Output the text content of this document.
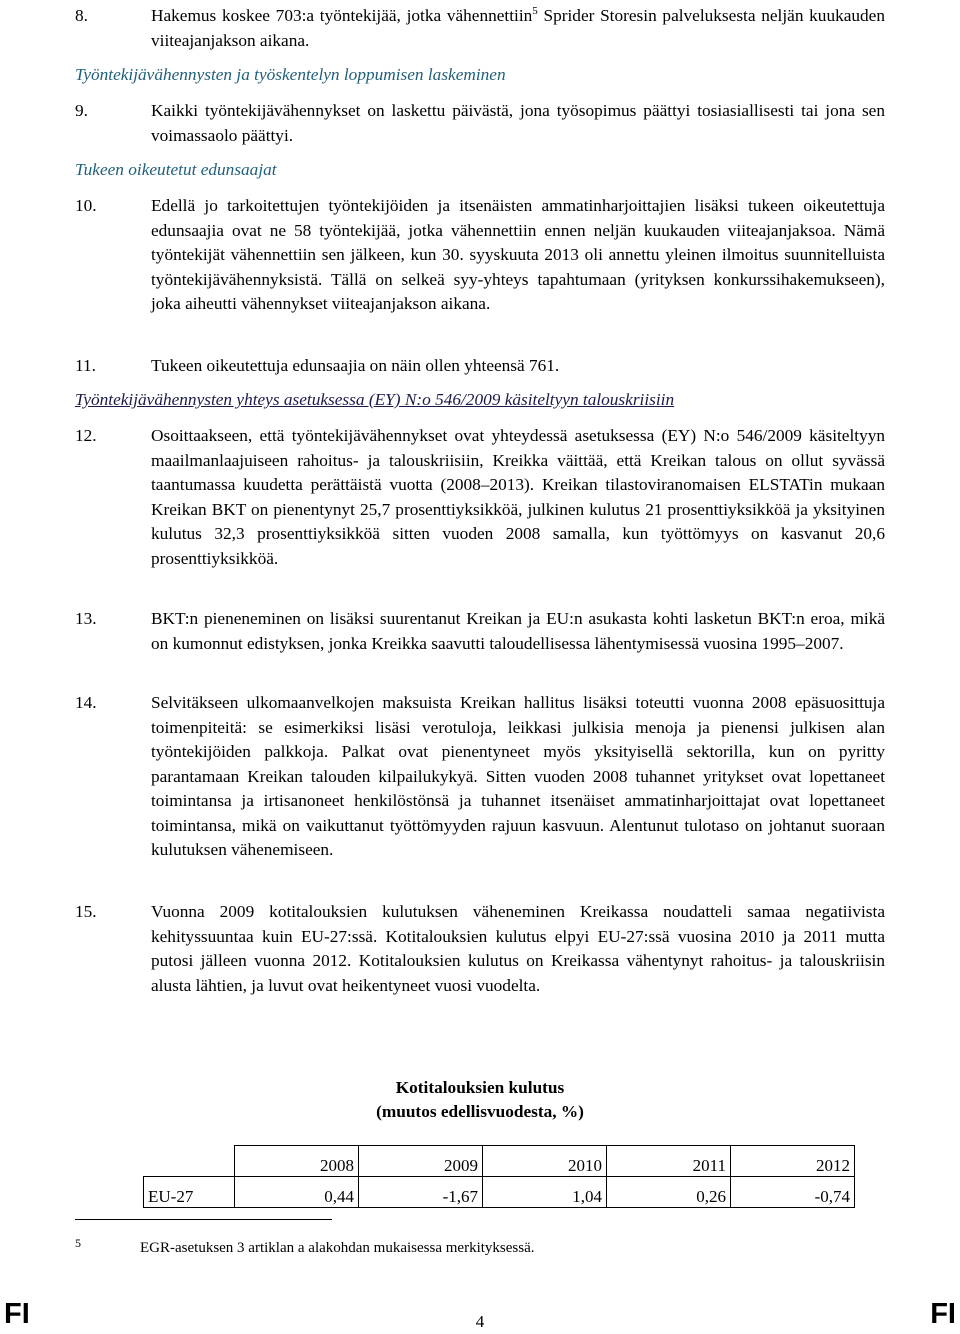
8.	Hakemus koskee 703:a työntekijää, jotka vähennettiin$^5$ Sprider Storesin palveluksesta neljän kuukauden viiteajanjakson aikana.
Työntekijävähennysten ja työskentelyn loppumisen laskeminen
9.	Kaikki työntekijävähennykset on laskettu päivästä, jona työsopimus päättyi tosiasiallisesti tai jona sen voimassaolo päättyi.
Tukeen oikeutetut edunsaajat
10.	Edellä jo tarkoitettujen työntekijöiden ja itsenäisten ammatinharjoittajien lisäksi tukeen oikeutettuja edunsaajia ovat ne 58 työntekijää, jotka vähennettiin ennen neljän kuukauden viiteajanjaksoa. Nämä työntekijät vähennettiin sen jälkeen, kun 30. syyskuuta 2013 oli annettu yleinen ilmoitus suunnitelluista työntekijävähennyksistä. Tällä on selkeä syy-yhteys tapahtumaan (yrityksen konkurssihakemukseen), joka aiheutti vähennykset viiteajanjakson aikana.
11.	Tukeen oikeutettuja edunsaajia on näin ollen yhteensä 761.
Työntekijävähennysten yhteys asetuksessa (EY) N:o 546/2009 käsiteltyyn talouskriisiin
12.	Osoittaakseen, että työntekijävähennykset ovat yhteydessä asetuksessa (EY) N:o 546/2009 käsiteltyyn maailmanlaajuiseen rahoitus- ja talouskriisiin, Kreikka väittää, että Kreikan talous on ollut syvässä taantumassa kuudetta perättäistä vuotta (2008–2013). Kreikan tilastoviranomaisen ELSTATin mukaan Kreikan BKT on pienentynyt 25,7 prosenttiyksikköä, julkinen kulutus 21 prosenttiyksikköä ja yksityinen kulutus 32,3 prosenttiyksikköä sitten vuoden 2008 samalla, kun työttömyys on kasvanut 20,6 prosenttiyksikköä.
13.	BKT:n pieneneminen on lisäksi suurentanut Kreikan ja EU:n asukasta kohti lasketun BKT:n eroa, mikä on kumonnut edistyksen, jonka Kreikka saavutti taloudellisessa lähentymisessä vuosina 1995–2007.
14.	Selvitäkseen ulkomaanvelkojen maksuista Kreikan hallitus lisäksi toteutti vuonna 2008 epäsuosittuja toimenpiteitä: se esimerkiksi lisäsi verotuloja, leikkasi julkisia menoja ja pienensi julkisen alan työntekijöiden palkkoja. Palkat ovat pienentyneet myös yksityisellä sektorilla, kun on pyritty parantamaan Kreikan talouden kilpailukykyä. Sitten vuoden 2008 tuhannet yritykset ovat lopettaneet toimintansa ja irtisanoneet henkilöstönsä ja tuhannet itsenäiset ammatinharjoittajat ovat lopettaneet toimintansa, mikä on vaikuttanut työttömyyden rajuun kasvuun. Alentunut tulotaso on johtanut suoraan kulutuksen vähenemiseen.
15.	Vuonna 2009 kotitalouksien kulutuksen väheneminen Kreikassa noudatteli samaa negatiivista kehityssuuntaa kuin EU-27:ssä. Kotitalouksien kulutus elpyi EU-27:ssä vuosina 2010 ja 2011 mutta putosi jälleen vuonna 2012. Kotitalouksien kulutus on Kreikassa vähentynyt rahoitus- ja talouskriisin alusta lähtien, ja luvut ovat heikentyneet vuosi vuodelta.
Kotitalouksien kulutus
(muutos edellisvuodesta, %)
	2008	2009	2010	2011	2012
EU-27	0,44	-1,67	1,04	0,26	-0,74
5	EGR-asetuksen 3 artiklan a alakohdan mukaisessa merkityksessä.
FI	4	FI
